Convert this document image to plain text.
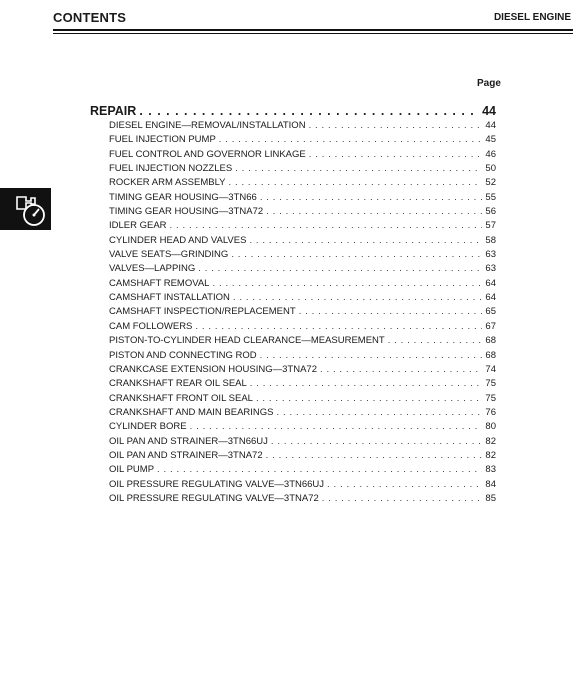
CONTENTS	DIESEL ENGINE
Page
REPAIR . . .	44
DIESEL ENGINE—REMOVAL/INSTALLATION . . .	44
FUEL INJECTION PUMP . . .	45
FUEL CONTROL AND GOVERNOR LINKAGE . . .	46
FUEL INJECTION NOZZLES . . .	50
ROCKER ARM ASSEMBLY . . .	52
TIMING GEAR HOUSING—3TN66 . . .	55
TIMING GEAR HOUSING—3TNA72 . . .	56
IDLER GEAR . . .	57
CYLINDER HEAD AND VALVES . . .	58
VALVE SEATS—GRINDING . . .	63
VALVES—LAPPING . . .	63
CAMSHAFT REMOVAL . . .	64
CAMSHAFT INSTALLATION . . .	64
CAMSHAFT INSPECTION/REPLACEMENT . . .	65
CAM FOLLOWERS . . .	67
PISTON-TO-CYLINDER HEAD CLEARANCE—MEASUREMENT . . .	68
PISTON AND CONNECTING ROD . . .	68
CRANKCASE EXTENSION HOUSING—3TNA72 . . .	74
CRANKSHAFT REAR OIL SEAL . . .	75
CRANKSHAFT FRONT OIL SEAL . . .	75
CRANKSHAFT AND MAIN BEARINGS . . .	76
CYLINDER BORE . . .	80
OIL PAN AND STRAINER—3TN66UJ . . .	82
OIL PAN AND STRAINER—3TNA72 . . .	82
OIL PUMP . . .	83
OIL PRESSURE REGULATING VALVE—3TN66UJ . . .	84
OIL PRESSURE REGULATING VALVE—3TNA72 . . .	85
